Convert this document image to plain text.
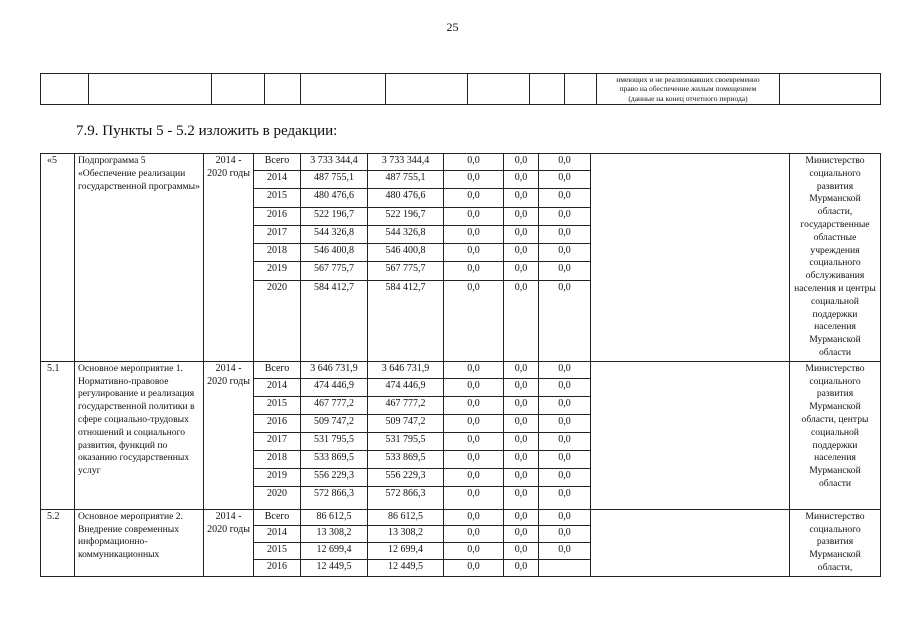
25

имеющих и не реализовавших своевременно
право на обеспечение жилым помещением
(данные на конец отчетного периода)

7.9. Пункты 5 - 5.2 изложить в редакции:
«5	Подпрограмма 5 «Обеспечение реализации государственной программы»	2014 - 2020 годы	Всего	3 733 344,4	3 733 344,4	0,0	0,0	0,0		Министерство социального развития Мурманской области, государственные областные учреждения социального обслуживания населения и центры социальной поддержки населения Мурманской области
			2014	487 755,1	487 755,1	0,0	0,0	0,0		
			2015	480 476,6	480 476,6	0,0	0,0	0,0		
			2016	522 196,7	522 196,7	0,0	0,0	0,0		
			2017	544 326,8	544 326,8	0,0	0,0	0,0		
			2018	546 400,8	546 400,8	0,0	0,0	0,0		
			2019	567 775,7	567 775,7	0,0	0,0	0,0		
			2020	584 412,7	584 412,7	0,0	0,0	0,0		
5.1	Основное мероприятие 1. Нормативно-правовое регулирование и реализация государственной политики в сфере социально-трудовых отношений и социального развития, функций по оказанию государственных услуг	2014 - 2020 годы	Всего	3 646 731,9	3 646 731,9	0,0	0,0	0,0		Министерство социального развития Мурманской области, центры социальной поддержки населения Мурманской области
			2014	474 446,9	474 446,9	0,0	0,0	0,0		
			2015	467 777,2	467 777,2	0,0	0,0	0,0		
			2016	509 747,2	509 747,2	0,0	0,0	0,0		
			2017	531 795,5	531 795,5	0,0	0,0	0,0		
			2018	533 869,5	533 869,5	0,0	0,0	0,0		
			2019	556 229,3	556 229,3	0,0	0,0	0,0		
			2020	572 866,3	572 866,3	0,0	0,0	0,0		
5.2	Основное мероприятие 2. Внедрение современных информационно-коммуникационных	2014 - 2020 годы	Всего	86 612,5	86 612,5	0,0	0,0	0,0		Министерство социального развития Мурманской области,
			2014	13 308,2	13 308,2	0,0	0,0	0,0		
			2015	12 699,4	12 699,4	0,0	0,0	0,0		
			2016	12 449,5	12 449,5	0,0	0,0			
